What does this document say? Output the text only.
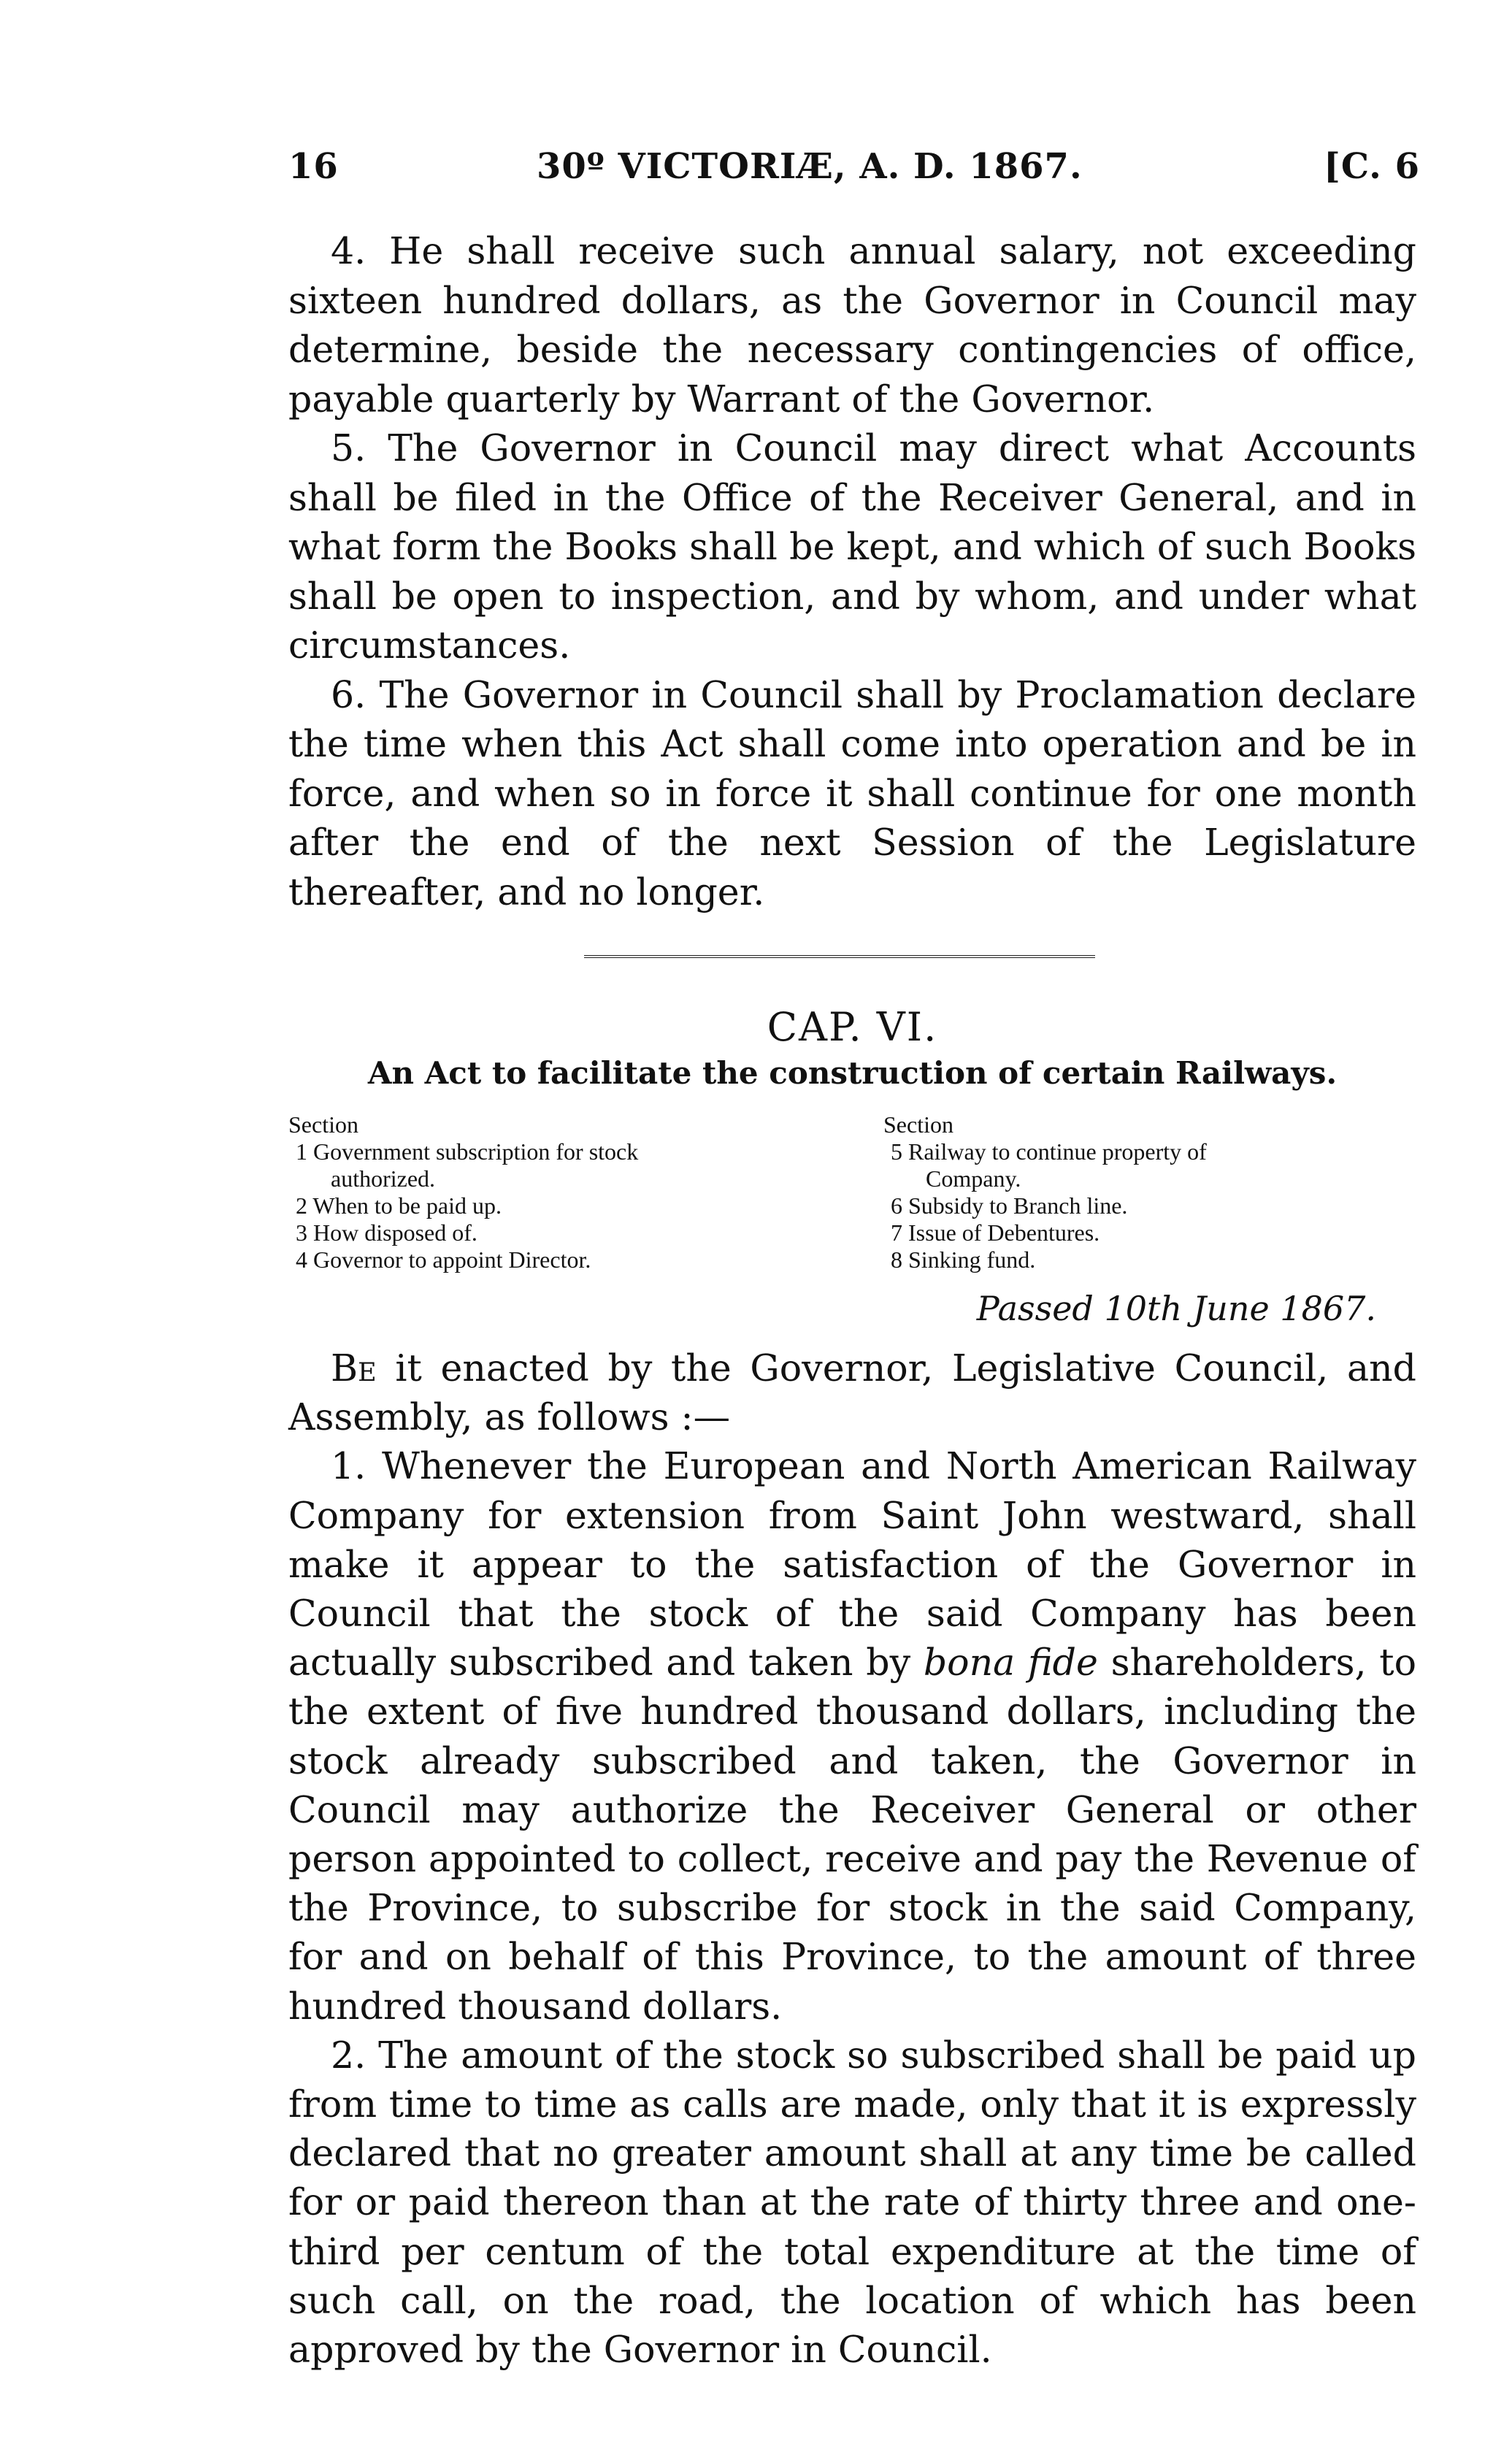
16	30º VICTORIÆ, A. D. 1867.	[C. 6

4. He shall receive such annual salary, not exceeding sixteen hundred dollars, as the Governor in Council may determine, beside the necessary contingencies of office, payable quarterly by Warrant of the Governor.

5. The Governor in Council may direct what Accounts shall be filed in the Office of the Receiver General, and in what form the Books shall be kept, and which of such Books shall be open to inspection, and by whom, and under what circumstances.

6. The Governor in Council shall by Proclamation declare the time when this Act shall come into operation and be in force, and when so in force it shall continue for one month after the end of the next Session of the Legislature thereafter, and no longer.

CAP. VI.
An Act to facilitate the construction of certain Railways.
Section
1 Government subscription for stock
authorized.
2 When to be paid up.
3 How disposed of.
4 Governor to appoint Director.
Section
5 Railway to continue property of
Company.
6 Subsidy to Branch line.
7 Issue of Debentures.
8 Sinking fund.
Passed 10th June 1867.

Be it enacted by the Governor, Legislative Council, and Assembly, as follows :—

1. Whenever the European and North American Railway Company for extension from Saint John westward, shall make it appear to the satisfaction of the Governor in Council that the stock of the said Company has been actually subscribed and taken by bona fide shareholders, to the extent of five hundred thousand dollars, including the stock already subscribed and taken, the Governor in Council may authorize the Receiver General or other person appointed to collect, receive and pay the Revenue of the Province, to subscribe for stock in the said Company, for and on behalf of this Province, to the amount of three hundred thousand dollars.

2. The amount of the stock so subscribed shall be paid up from time to time as calls are made, only that it is expressly declared that no greater amount shall at any time be called for or paid thereon than at the rate of thirty three and one-third per centum of the total expenditure at the time of such call, on the road, the location of which has been approved by the Governor in Council.
